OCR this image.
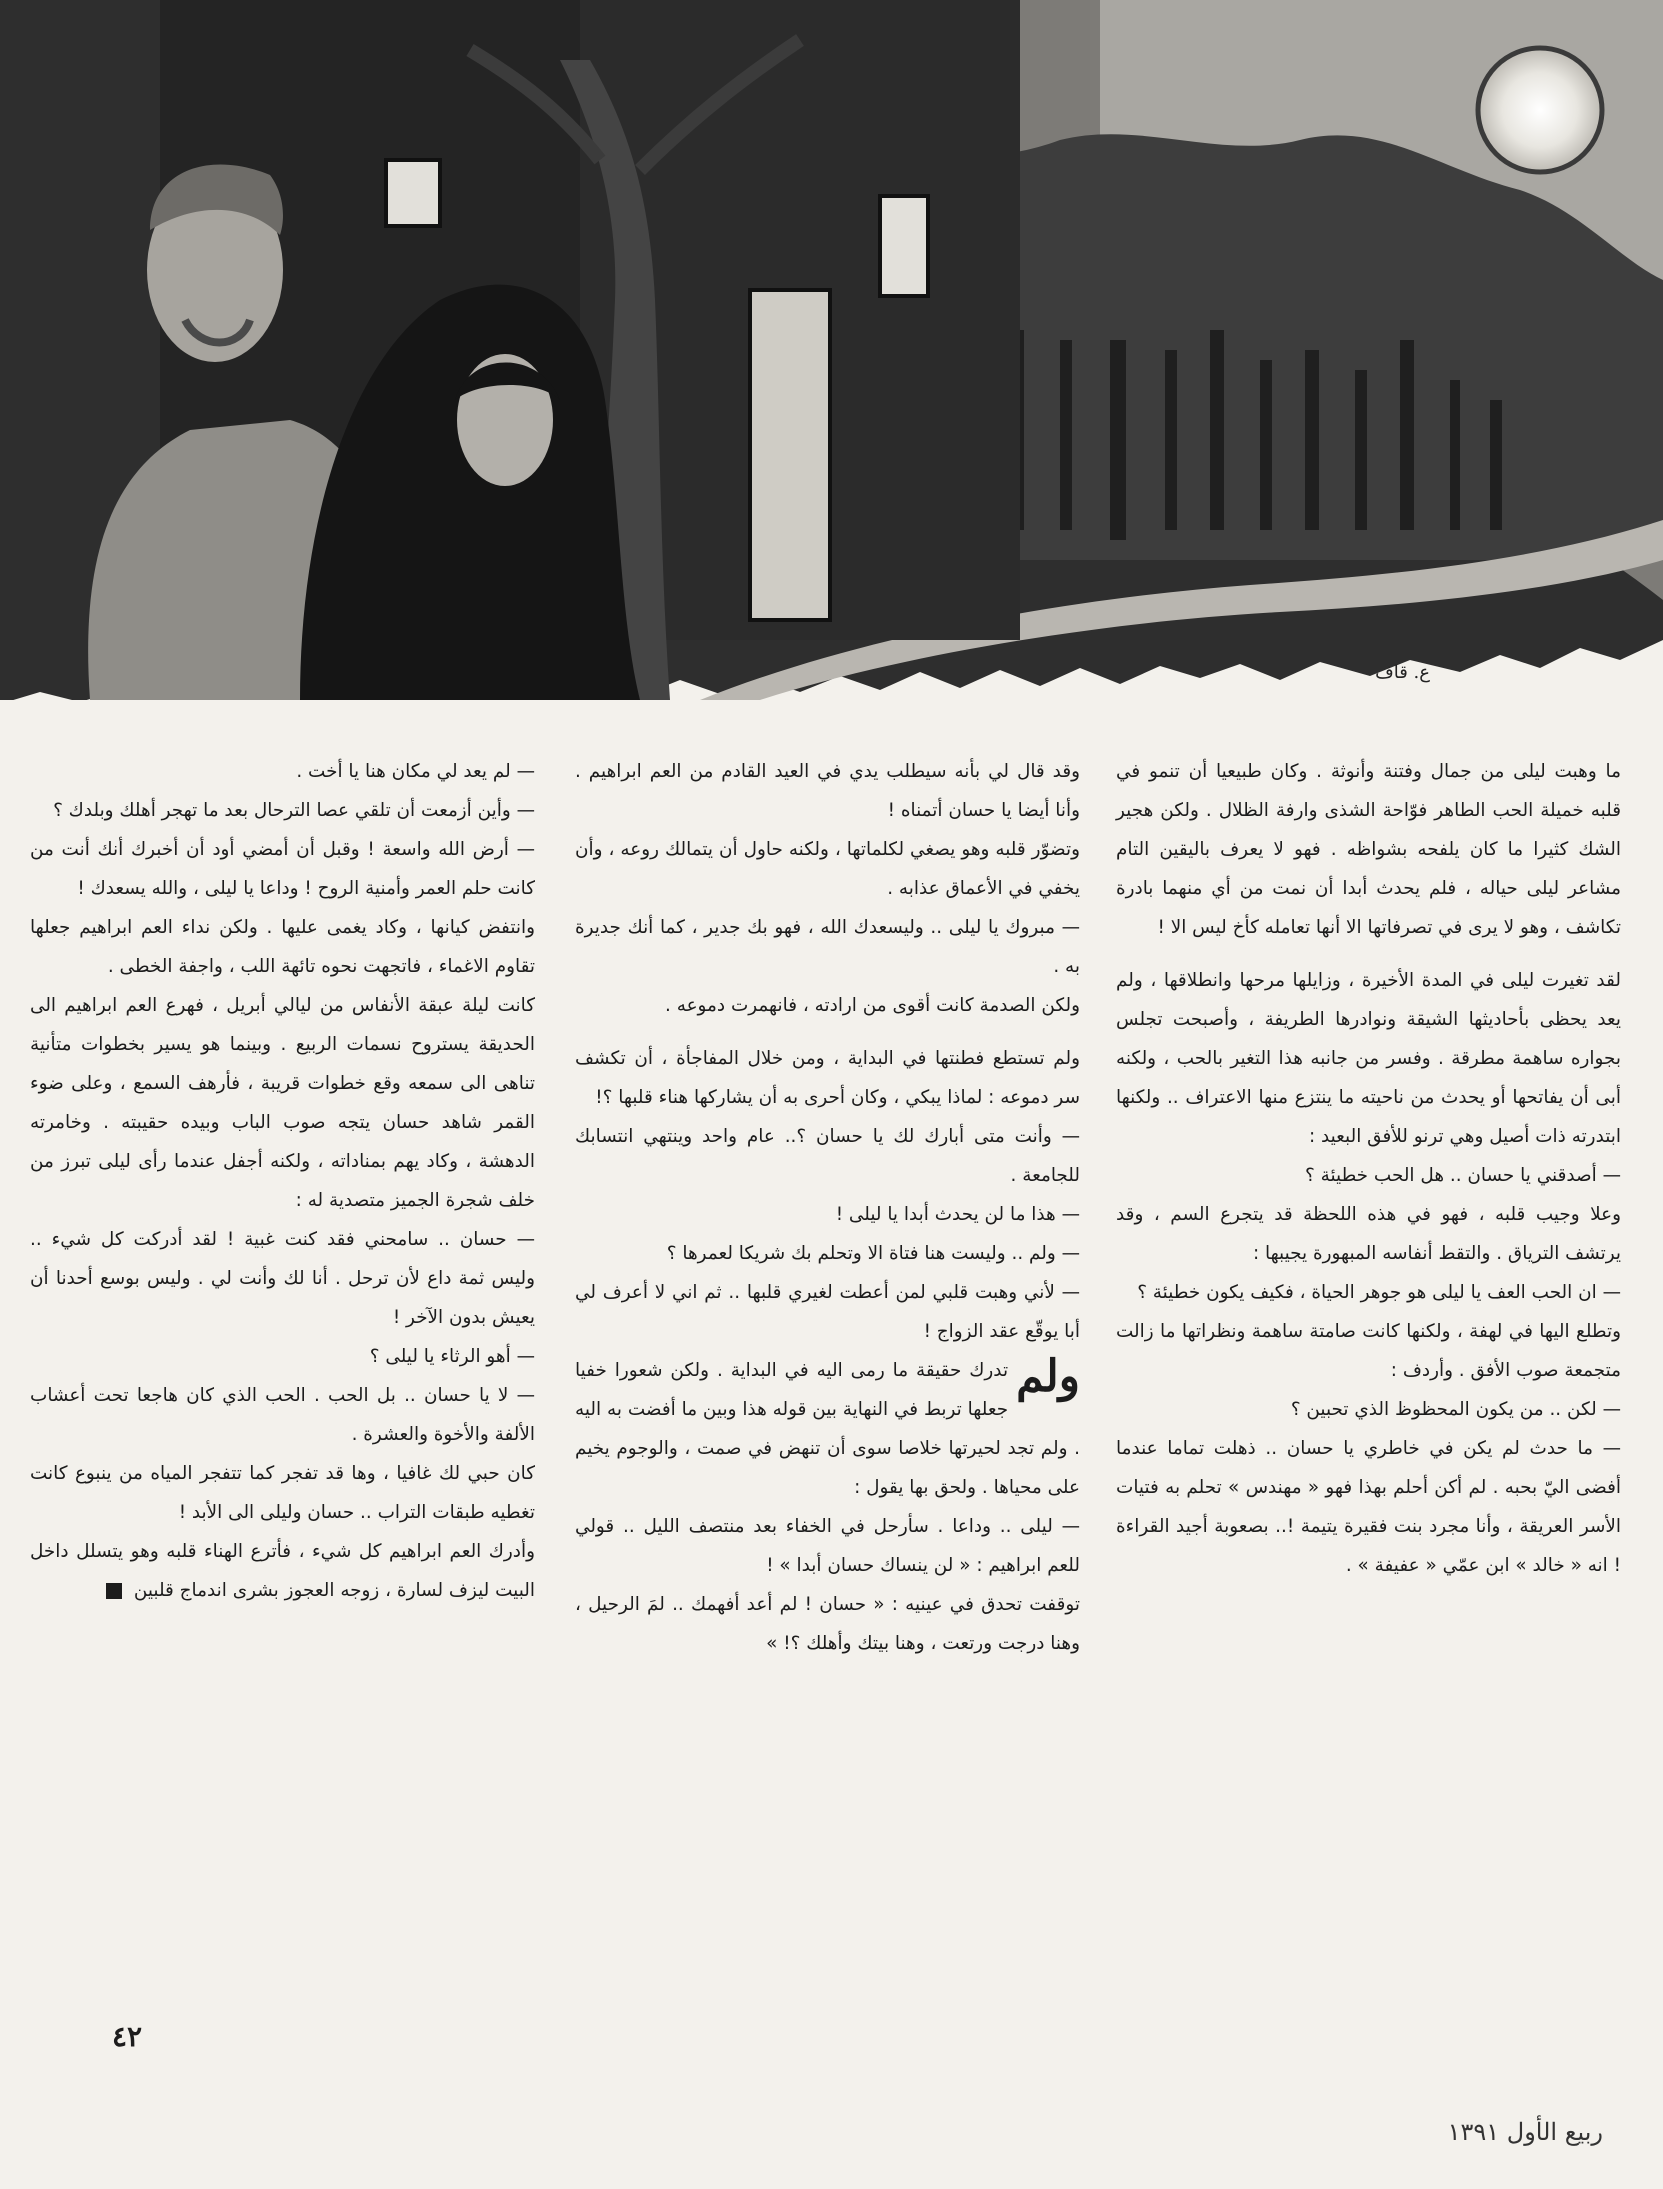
ع. قاف

ما وهبت ليلى من جمال وفتنة وأنوثة . وكان طبيعيا أن تنمو في قلبه خميلة الحب الطاهر فوّاحة الشذى وارفة الظلال . ولكن هجير الشك كثيرا ما كان يلفحه بشواظه . فهو لا يعرف باليقين التام مشاعر ليلى حياله ، فلم يحدث أبدا أن نمت من أي منهما بادرة تكاشف ، وهو لا يرى في تصرفاتها الا أنها تعامله كأخ ليس الا !

لقد تغيرت ليلى في المدة الأخيرة ، وزايلها مرحها وانطلاقها ، ولم يعد يحظى بأحاديثها الشيقة ونوادرها الطريفة ، وأصبحت تجلس بجواره ساهمة مطرقة . وفسر من جانبه هذا التغير بالحب ، ولكنه أبى أن يفاتحها أو يحدث من ناحيته ما ينتزع منها الاعتراف .. ولكنها ابتدرته ذات أصيل وهي ترنو للأفق البعيد :

— أصدقني يا حسان .. هل الحب خطيئة ؟

وعلا وجيب قلبه ، فهو في هذه اللحظة قد يتجرع السم ، وقد يرتشف الترياق . والتقط أنفاسه المبهورة يجيبها :

— ان الحب العف يا ليلى هو جوهر الحياة ، فكيف يكون خطيئة ؟

وتطلع اليها في لهفة ، ولكنها كانت صامتة ساهمة ونظراتها ما زالت متجمعة صوب الأفق . وأردف :

— لكن .. من يكون المحظوظ الذي تحبين ؟

— ما حدث لم يكن في خاطري يا حسان .. ذهلت تماما عندما أفضى اليّ بحبه . لم أكن أحلم بهذا فهو « مهندس » تحلم به فتيات الأسر العريقة ، وأنا مجرد بنت فقيرة يتيمة !.. بصعوبة أجيد القراءة ! انه « خالد » ابن عمّي « عفيفة » .

وقد قال لي بأنه سيطلب يدي في العيد القادم من العم ابراهيم . وأنا أيضا يا حسان أتمناه !

وتضوّر قلبه وهو يصغي لكلماتها ، ولكنه حاول أن يتمالك روعه ، وأن يخفي في الأعماق عذابه .

— مبروك يا ليلى .. وليسعدك الله ، فهو بك جدير ، كما أنك جديرة به .

ولكن الصدمة كانت أقوى من ارادته ، فانهمرت دموعه .

ولم تستطع فطنتها في البداية ، ومن خلال المفاجأة ، أن تكشف سر دموعه : لماذا يبكي ، وكان أحرى به أن يشاركها هناء قلبها ؟!

— وأنت متى أبارك لك يا حسان ؟.. عام واحد وينتهي انتسابك للجامعة .

— هذا ما لن يحدث أبدا يا ليلى !

— ولم .. وليست هنا فتاة الا وتحلم بك شريكا لعمرها ؟

— لأني وهبت قلبي لمن أعطت لغيري قلبها .. ثم اني لا أعرف لي أبا يوقّع عقد الزواج !

ولم

تدرك حقيقة ما رمى اليه في البداية . ولكن شعورا خفيا جعلها تربط في النهاية بين قوله هذا وبين ما أفضت به اليه . ولم تجد لحيرتها خلاصا سوى أن تنهض في صمت ، والوجوم يخيم على محياها . ولحق بها يقول :

— ليلى .. وداعا . سأرحل في الخفاء بعد منتصف الليل .. قولي للعم ابراهيم : « لن ينساك حسان أبدا » !

توقفت تحدق في عينيه : « حسان ! لم أعد أفهمك .. لمَ الرحيل ، وهنا درجت ورتعت ، وهنا بيتك وأهلك ؟! »

— لم يعد لي مكان هنا يا أخت .

— وأين أزمعت أن تلقي عصا الترحال بعد ما تهجر أهلك وبلدك ؟

— أرض الله واسعة ! وقبل أن أمضي أود أن أخبرك أنك أنت من كانت حلم العمر وأمنية الروح ! وداعا يا ليلى ، والله يسعدك !

وانتفض كيانها ، وكاد يغمى عليها . ولكن نداء العم ابراهيم جعلها تقاوم الاغماء ، فاتجهت نحوه تائهة اللب ، واجفة الخطى .

كانت ليلة عبقة الأنفاس من ليالي أبريل ، فهرع العم ابراهيم الى الحديقة يستروح نسمات الربيع . وبينما هو يسير بخطوات متأنية تناهى الى سمعه وقع خطوات قريبة ، فأرهف السمع ، وعلى ضوء القمر شاهد حسان يتجه صوب الباب وبيده حقيبته . وخامرته الدهشة ، وكاد يهم بمناداته ، ولكنه أجفل عندما رأى ليلى تبرز من خلف شجرة الجميز متصدية له :

— حسان .. سامحني فقد كنت غبية ! لقد أدركت كل شيء .. وليس ثمة داع لأن ترحل . أنا لك وأنت لي . وليس بوسع أحدنا أن يعيش بدون الآخر !

— أهو الرثاء يا ليلى ؟

— لا يا حسان .. بل الحب . الحب الذي كان هاجعا تحت أعشاب الألفة والأخوة والعشرة .

كان حبي لك غافيا ، وها قد تفجر كما تتفجر المياه من ينبوع كانت تغطيه طبقات التراب .. حسان وليلى الى الأبد !

وأدرك العم ابراهيم كل شيء ، فأترع الهناء قلبه وهو يتسلل داخل البيت ليزف لسارة ، زوجه العجوز بشرى اندماج قلبين

٤٢
ربيع الأول ١٣٩١
